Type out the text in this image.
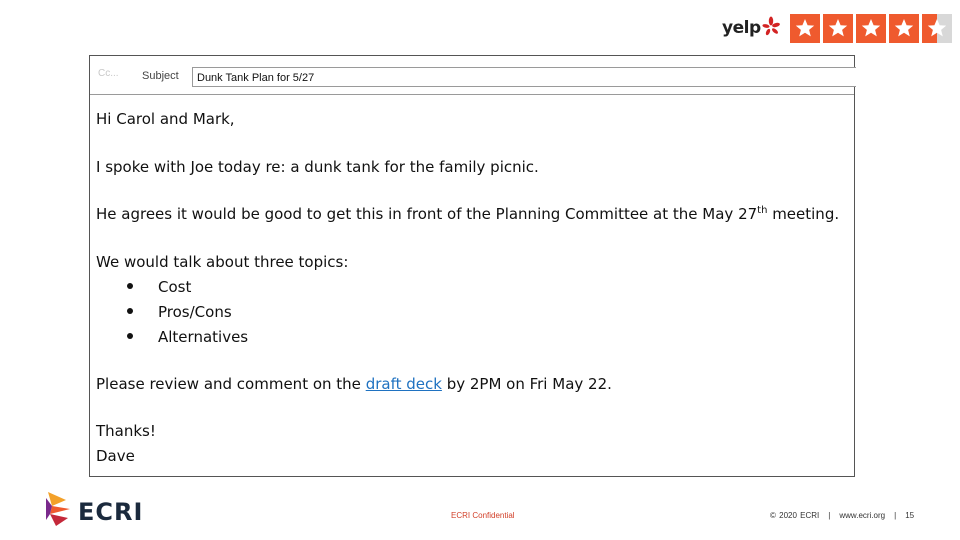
yelp
Cc... Subject	Dunk Tank Plan for 5/27
Hi Carol and Mark,
I spoke with Joe today re: a dunk tank for the family picnic.
He agrees it would be good to get this in front of the Planning Committee at the May 27th meeting.
We would talk about three topics:
Cost
Pros/Cons
Alternatives
Please review and comment on the draft deck by 2PM on Fri May 22.
Thanks!
Dave
ECRI	ECRI Confidential	© 2020 ECRI | www.ecri.org | 15
